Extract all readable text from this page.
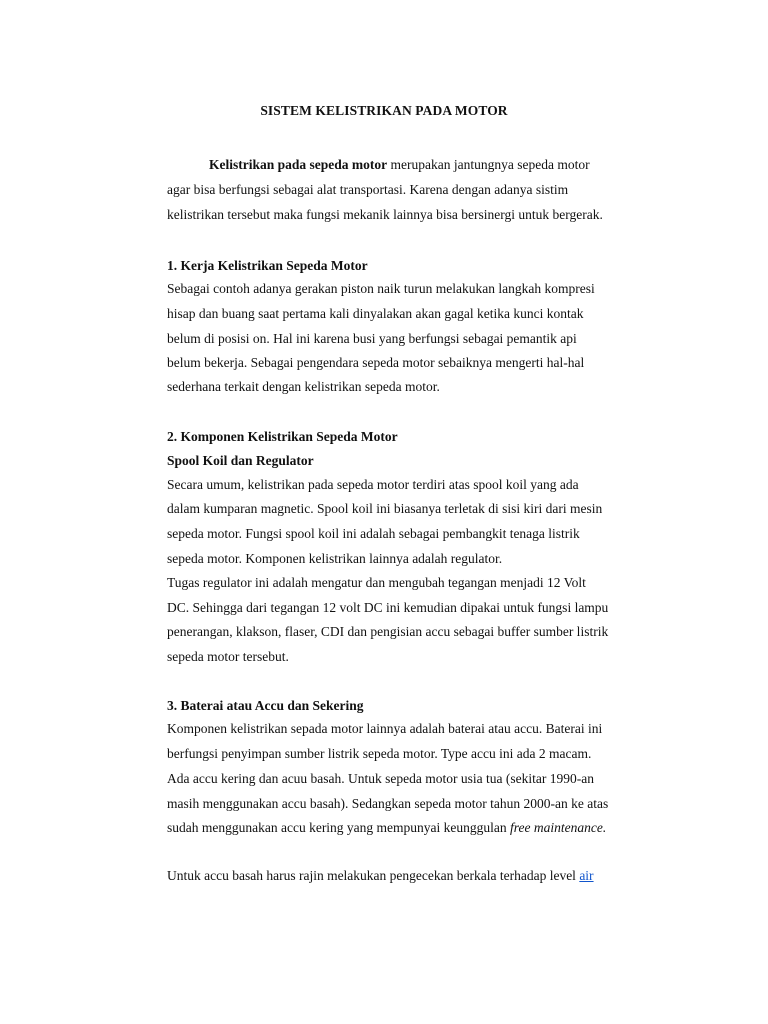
SISTEM KELISTRIKAN PADA MOTOR
Kelistrikan pada sepeda motor merupakan jantungnya sepeda motor
agar bisa berfungsi sebagai alat transportasi. Karena dengan adanya sistim
kelistrikan tersebut maka fungsi mekanik lainnya bisa bersinergi untuk bergerak.
1. Kerja Kelistrikan Sepeda Motor
Sebagai contoh adanya gerakan piston naik turun melakukan langkah kompresi
hisap dan buang saat pertama kali dinyalakan akan gagal ketika kunci kontak
belum di posisi on. Hal ini karena busi yang berfungsi sebagai pemantik api
belum bekerja. Sebagai pengendara sepeda motor sebaiknya mengerti hal-hal
sederhana terkait dengan kelistrikan sepeda motor.
2. Komponen Kelistrikan Sepeda Motor
Spool Koil dan Regulator
Secara umum, kelistrikan pada sepeda motor terdiri atas spool koil yang ada
dalam kumparan magnetic. Spool koil ini biasanya terletak di sisi kiri dari mesin
sepeda motor. Fungsi spool koil ini adalah sebagai pembangkit tenaga listrik
sepeda motor. Komponen kelistrikan lainnya adalah regulator.
Tugas regulator ini adalah mengatur dan mengubah tegangan menjadi 12 Volt
DC. Sehingga dari tegangan 12 volt DC ini kemudian dipakai untuk fungsi lampu
penerangan, klakson, flaser, CDI dan pengisian accu sebagai buffer sumber listrik
sepeda motor tersebut.
3. Baterai atau Accu dan Sekering
Komponen kelistrikan sepada motor lainnya adalah baterai atau accu. Baterai ini
berfungsi penyimpan sumber listrik sepeda motor. Type accu ini ada 2 macam.
Ada accu kering dan acuu basah. Untuk sepeda motor usia tua (sekitar 1990-an
masih menggunakan accu basah). Sedangkan sepeda motor tahun 2000-an ke atas
sudah menggunakan accu kering yang mempunyai keunggulan free maintenance.
Untuk accu basah harus rajin melakukan pengecekan berkala terhadap level air
